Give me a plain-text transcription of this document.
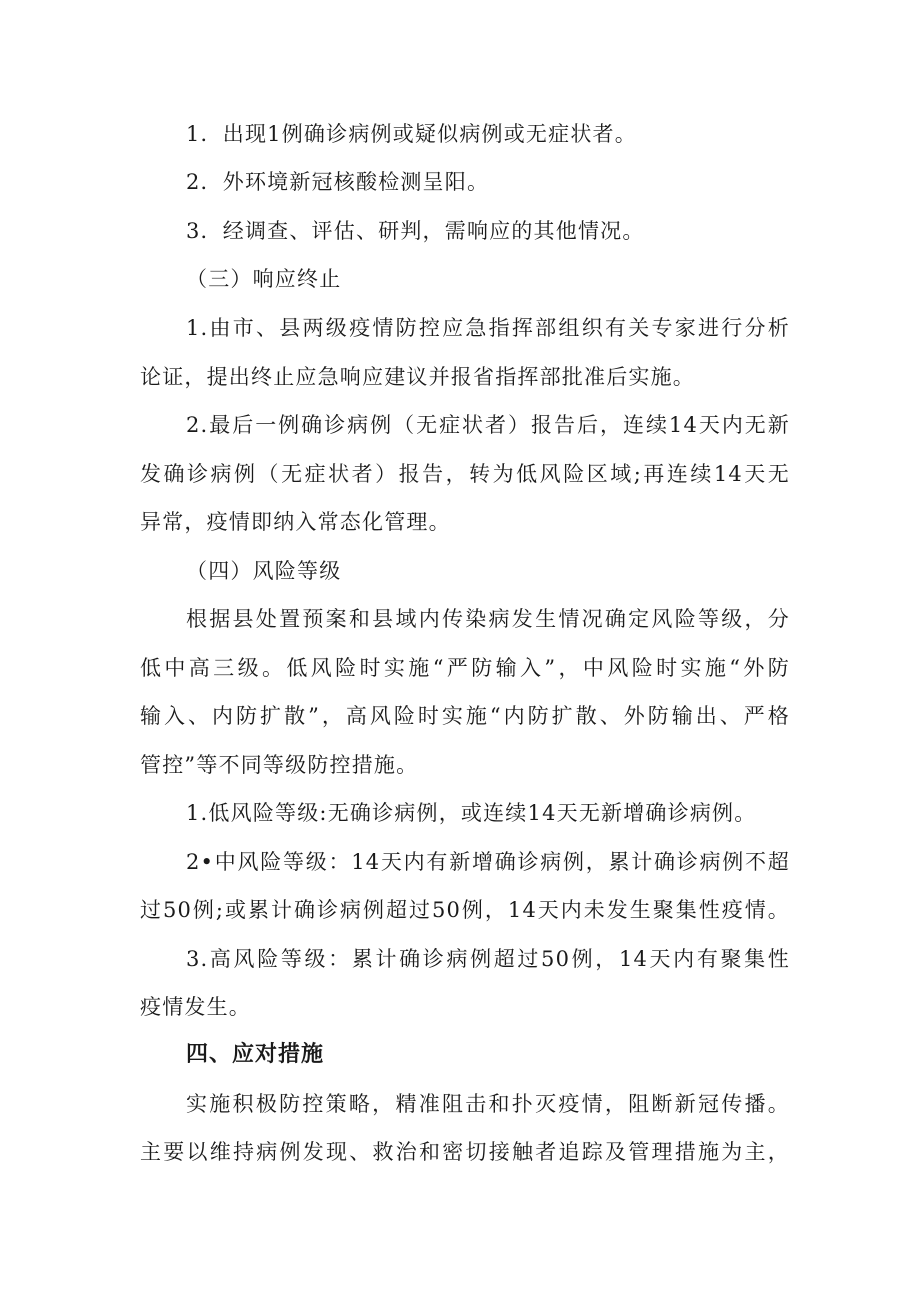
1．出现1例确诊病例或疑似病例或无症状者。
2．外环境新冠核酸检测呈阳。
3．经调查、评估、研判，需响应的其他情况。
（三）响应终止
1.由市、县两级疫情防控应急指挥部组织有关专家进行分析
论证，提出终止应急响应建议并报省指挥部批准后实施。
2.最后一例确诊病例（无症状者）报告后，连续14天内无新
发确诊病例（无症状者）报告，转为低风险区域;再连续14天无
异常，疫情即纳入常态化管理。
（四）风险等级
根据县处置预案和县域内传染病发生情况确定风险等级，分
低中高三级。低风险时实施“严防输入”，中风险时实施“外防
输入、内防扩散”，高风险时实施“内防扩散、外防输出、严格
管控”等不同等级防控措施。
1.低风险等级:无确诊病例，或连续14天无新增确诊病例。
2•中风险等级：14天内有新增确诊病例，累计确诊病例不超
过50例;或累计确诊病例超过50例，14天内未发生聚集性疫情。
3.高风险等级：累计确诊病例超过50例，14天内有聚集性
疫情发生。
四、应对措施
实施积极防控策略，精准阻击和扑灭疫情，阻断新冠传播。
主要以维持病例发现、救治和密切接触者追踪及管理措施为主，
